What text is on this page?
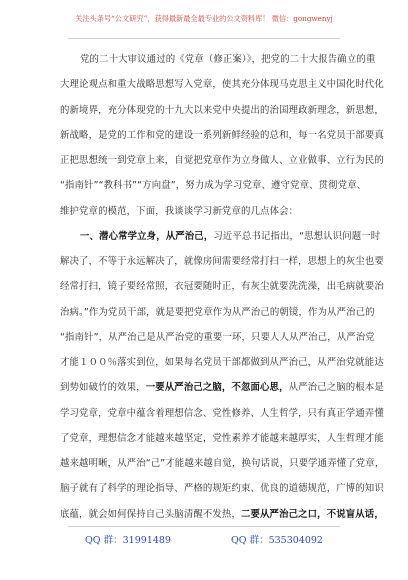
关注头条号“公文研究”，获得最新最全最专业的公文资料库！ 微信：gongwenyj
党的二十大审议通过的《党章（修正案）》，把党的二十大报告确立的重
大理论观点和重大战略思想写入党章，使其充分体现马克思主义中国化时代化
的新境界，充分体现党的十九大以来党中央提出的治国理政新理念，新思想，
新战略，是党的工作和党的建设一系列新鲜经验的总和，每一名党员干部要真
正把思想统一到党章上来，自觉把党章作为立身做人、立业做事、立行为民的
“指南针”“教科书”“方向盘”，努力成为学习党章、遵守党章、贯彻党章、
维护党章的模范，下面，我谈谈学习新党章的几点体会：
一、潜心常学立身，从严治己，习近平总书记指出，“思想认识问题一时
解决了，不等于永远解决了，就像房间需要经常打扫一样，思想上的灰尘也要
经常打扫，镜子要经常照，衣冠要随时正，有灰尘就要洗洗澡，出毛病就要治
治病。”作为党员干部，就是要把党章作为从严治己的朝镜，作为从严治己的
“指南针”，从严治己是从严治党的重要一环，只要人人从严治己，从严治党
才能１００％落实到位，如果每名党员干部都做到从严治己，从严治党就能达
到势如破竹的效果，一要从严治己之脑，不忽面心思，从严治己之脑的根本是
学习党章，党章中蕴含着理想信念、党性修养、人生哲学，只有真正学通弄懂
了党章，理想信念才能越来越坚定，党性素养才能越来越厚实，人生哲理才能
越来越明晰，从严治“己”才能越来越自觉，换句话说，只要学通弄懂了党章，
脑子就有了科学的理论指导、严格的规矩约束、优良的道德规范，广博的知识
底蕴，就会如何保持自己头脑清醒不发热，二要从严治己之口，不说盲从话，
QQ 群：31991489	QQ 群：535304092
